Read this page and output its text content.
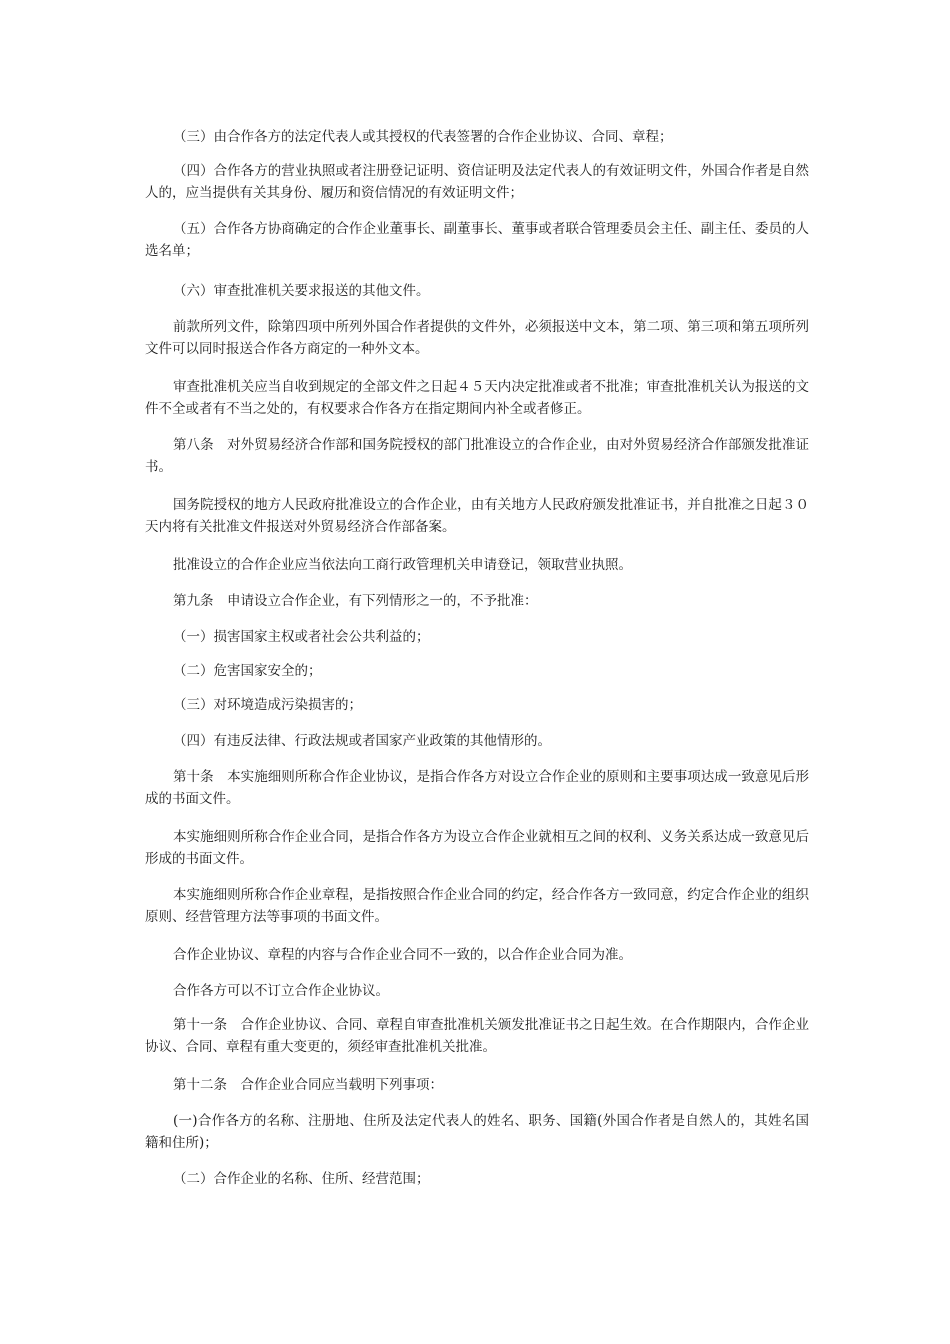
（三）由合作各方的法定代表人或其授权的代表签署的合作企业协议、合同、章程；

（四）合作各方的营业执照或者注册登记证明、资信证明及法定代表人的有效证明文件，外国合作者是自然人的，应当提供有关其身份、履历和资信情况的有效证明文件；

（五）合作各方协商确定的合作企业董事长、副董事长、董事或者联合管理委员会主任、副主任、委员的人选名单；

（六）审查批准机关要求报送的其他文件。

前款所列文件，除第四项中所列外国合作者提供的文件外，必须报送中文本，第二项、第三项和第五项所列文件可以同时报送合作各方商定的一种外文本。

审查批准机关应当自收到规定的全部文件之日起４５天内决定批准或者不批准；审查批准机关认为报送的文件不全或者有不当之处的，有权要求合作各方在指定期间内补全或者修正。

第八条　对外贸易经济合作部和国务院授权的部门批准设立的合作企业，由对外贸易经济合作部颁发批准证书。

国务院授权的地方人民政府批准设立的合作企业，由有关地方人民政府颁发批准证书，并自批准之日起３０天内将有关批准文件报送对外贸易经济合作部备案。

批准设立的合作企业应当依法向工商行政管理机关申请登记，领取营业执照。

第九条　申请设立合作企业，有下列情形之一的，不予批准：

（一）损害国家主权或者社会公共利益的；

（二）危害国家安全的；

（三）对环境造成污染损害的；

（四）有违反法律、行政法规或者国家产业政策的其他情形的。

第十条　本实施细则所称合作企业协议，是指合作各方对设立合作企业的原则和主要事项达成一致意见后形成的书面文件。

本实施细则所称合作企业合同，是指合作各方为设立合作企业就相互之间的权利、义务关系达成一致意见后形成的书面文件。

本实施细则所称合作企业章程，是指按照合作企业合同的约定，经合作各方一致同意，约定合作企业的组织原则、经营管理方法等事项的书面文件。

合作企业协议、章程的内容与合作企业合同不一致的，以合作企业合同为准。

合作各方可以不订立合作企业协议。

第十一条　合作企业协议、合同、章程自审查批准机关颁发批准证书之日起生效。在合作期限内，合作企业协议、合同、章程有重大变更的，须经审查批准机关批准。

第十二条　合作企业合同应当载明下列事项：

(一)合作各方的名称、注册地、住所及法定代表人的姓名、职务、国籍(外国合作者是自然人的，其姓名国籍和住所)；

（二）合作企业的名称、住所、经营范围；
